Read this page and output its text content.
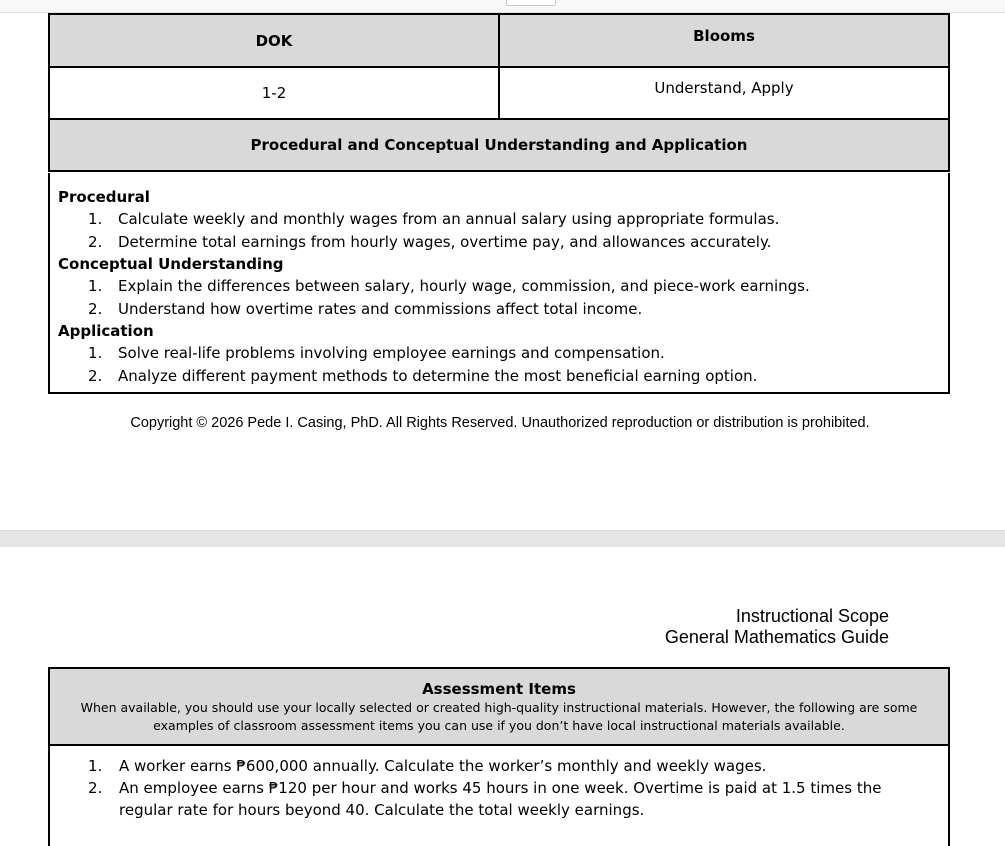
DOK	Blooms
1-2	Understand, Apply
Procedural and Conceptual Understanding and Application	

Procedural

1.	Calculate weekly and monthly wages from an annual salary using appropriate formulas.
2.	Determine total earnings from hourly wages, overtime pay, and allowances accurately.

Conceptual Understanding

1.	Explain the differences between salary, hourly wage, commission, and piece-work earnings.
2.	Understand how overtime rates and commissions affect total income.

Application

1.	Solve real-life problems involving employee earnings and compensation.
2.	Analyze different payment methods to determine the most beneficial earning option.
Copyright © 2026 Pede I. Casing, PhD. All Rights Reserved. Unauthorized reproduction or distribution is prohibited.
Instructional Scope
General Mathematics Guide
Assessment Items
When available, you should use your locally selected or created high-quality instructional materials. However, the following are some examples of classroom assessment items you can use if you don’t have local instructional materials available.
1. A worker earns ₱600,000 annually. Calculate the worker’s monthly and weekly wages.
2. An employee earns ₱120 per hour and works 45 hours in one week. Overtime is paid at 1.5 times the regular rate for hours beyond 40. Calculate the total weekly earnings.
